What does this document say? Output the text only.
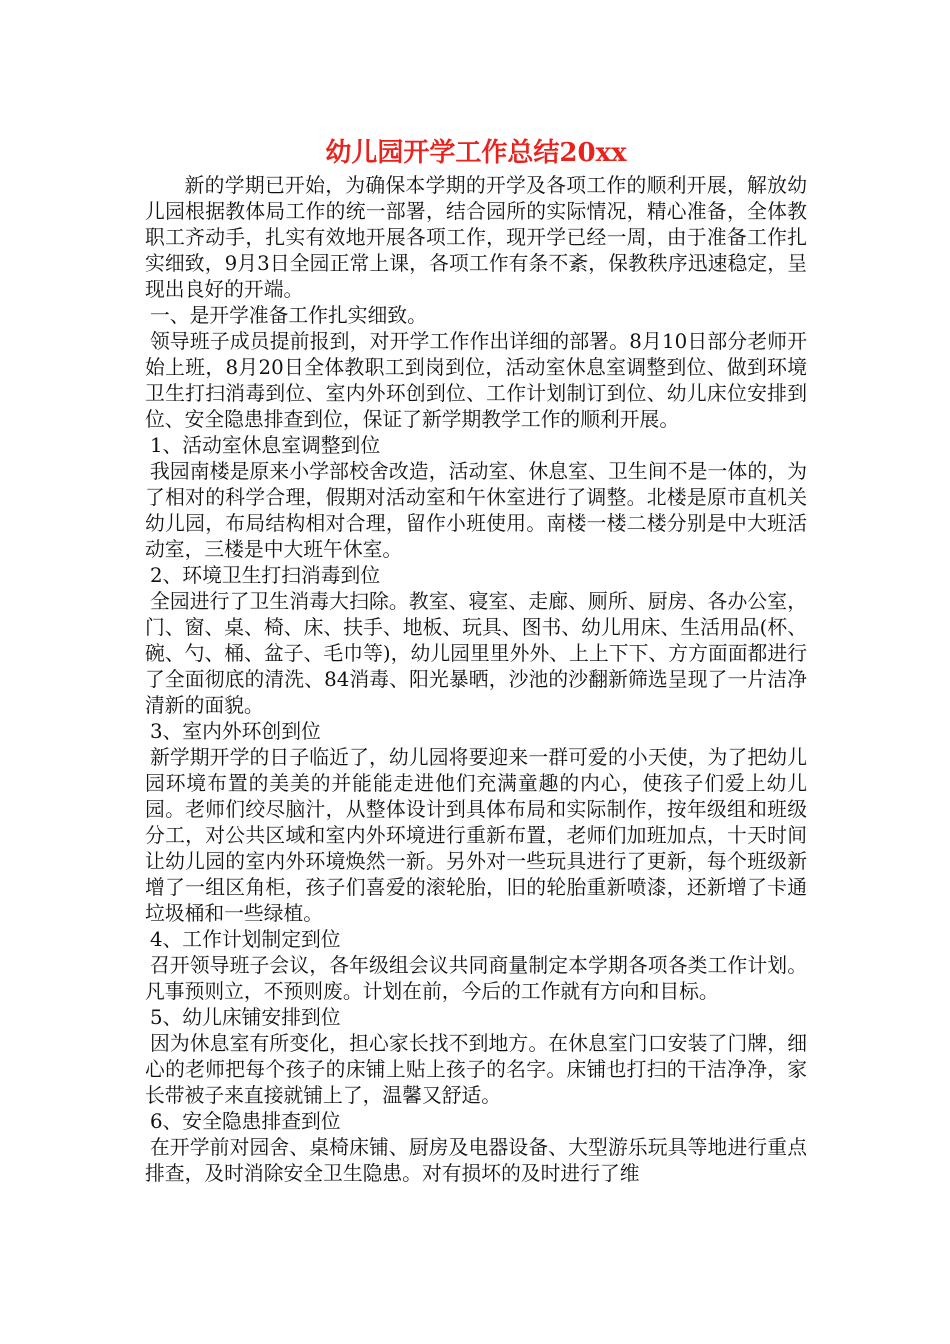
幼儿园开学工作总结20xx

新的学期已开始，为确保本学期的开学及各项工作的顺利开展，解放幼儿园根据教体局工作的统一部署，结合园所的实际情况，精心准备，全体教职工齐动手，扎实有效地开展各项工作，现开学已经一周，由于准备工作扎实细致，9月3日全园正常上课，各项工作有条不紊，保教秩序迅速稳定，呈现出良好的开端。

一、是开学准备工作扎实细致。

领导班子成员提前报到，对开学工作作出详细的部署。8月10日部分老师开始上班，8月20日全体教职工到岗到位，活动室休息室调整到位、做到环境卫生打扫消毒到位、室内外环创到位、工作计划制订到位、幼儿床位安排到位、安全隐患排查到位，保证了新学期教学工作的顺利开展。

1、活动室休息室调整到位

我园南楼是原来小学部校舍改造，活动室、休息室、卫生间不是一体的，为了相对的科学合理，假期对活动室和午休室进行了调整。北楼是原市直机关幼儿园，布局结构相对合理，留作小班使用。南楼一楼二楼分别是中大班活动室，三楼是中大班午休室。

2、环境卫生打扫消毒到位

全园进行了卫生消毒大扫除。教室、寝室、走廊、厕所、厨房、各办公室，门、窗、桌、椅、床、扶手、地板、玩具、图书、幼儿用床、生活用品(杯、碗、勺、桶、盆子、毛巾等)，幼儿园里里外外、上上下下、方方面面都进行了全面彻底的清洗、84消毒、阳光暴晒，沙池的沙翻新筛选呈现了一片洁净清新的面貌。

3、室内外环创到位

新学期开学的日子临近了，幼儿园将要迎来一群可爱的小天使，为了把幼儿园环境布置的美美的并能能走进他们充满童趣的内心，使孩子们爱上幼儿园。老师们绞尽脑汁，从整体设计到具体布局和实际制作，按年级组和班级分工，对公共区域和室内外环境进行重新布置，老师们加班加点，十天时间让幼儿园的室内外环境焕然一新。另外对一些玩具进行了更新，每个班级新增了一组区角柜，孩子们喜爱的滚轮胎，旧的轮胎重新喷漆，还新增了卡通垃圾桶和一些绿植。

4、工作计划制定到位

召开领导班子会议，各年级组会议共同商量制定本学期各项各类工作计划。凡事预则立，不预则废。计划在前，今后的工作就有方向和目标。

5、幼儿床铺安排到位

因为休息室有所变化，担心家长找不到地方。在休息室门口安装了门牌，细心的老师把每个孩子的床铺上贴上孩子的名字。床铺也打扫的干洁净净，家长带被子来直接就铺上了，温馨又舒适。

6、安全隐患排查到位

在开学前对园舍、桌椅床铺、厨房及电器设备、大型游乐玩具等地进行重点排查，及时消除安全卫生隐患。对有损坏的及时进行了维
